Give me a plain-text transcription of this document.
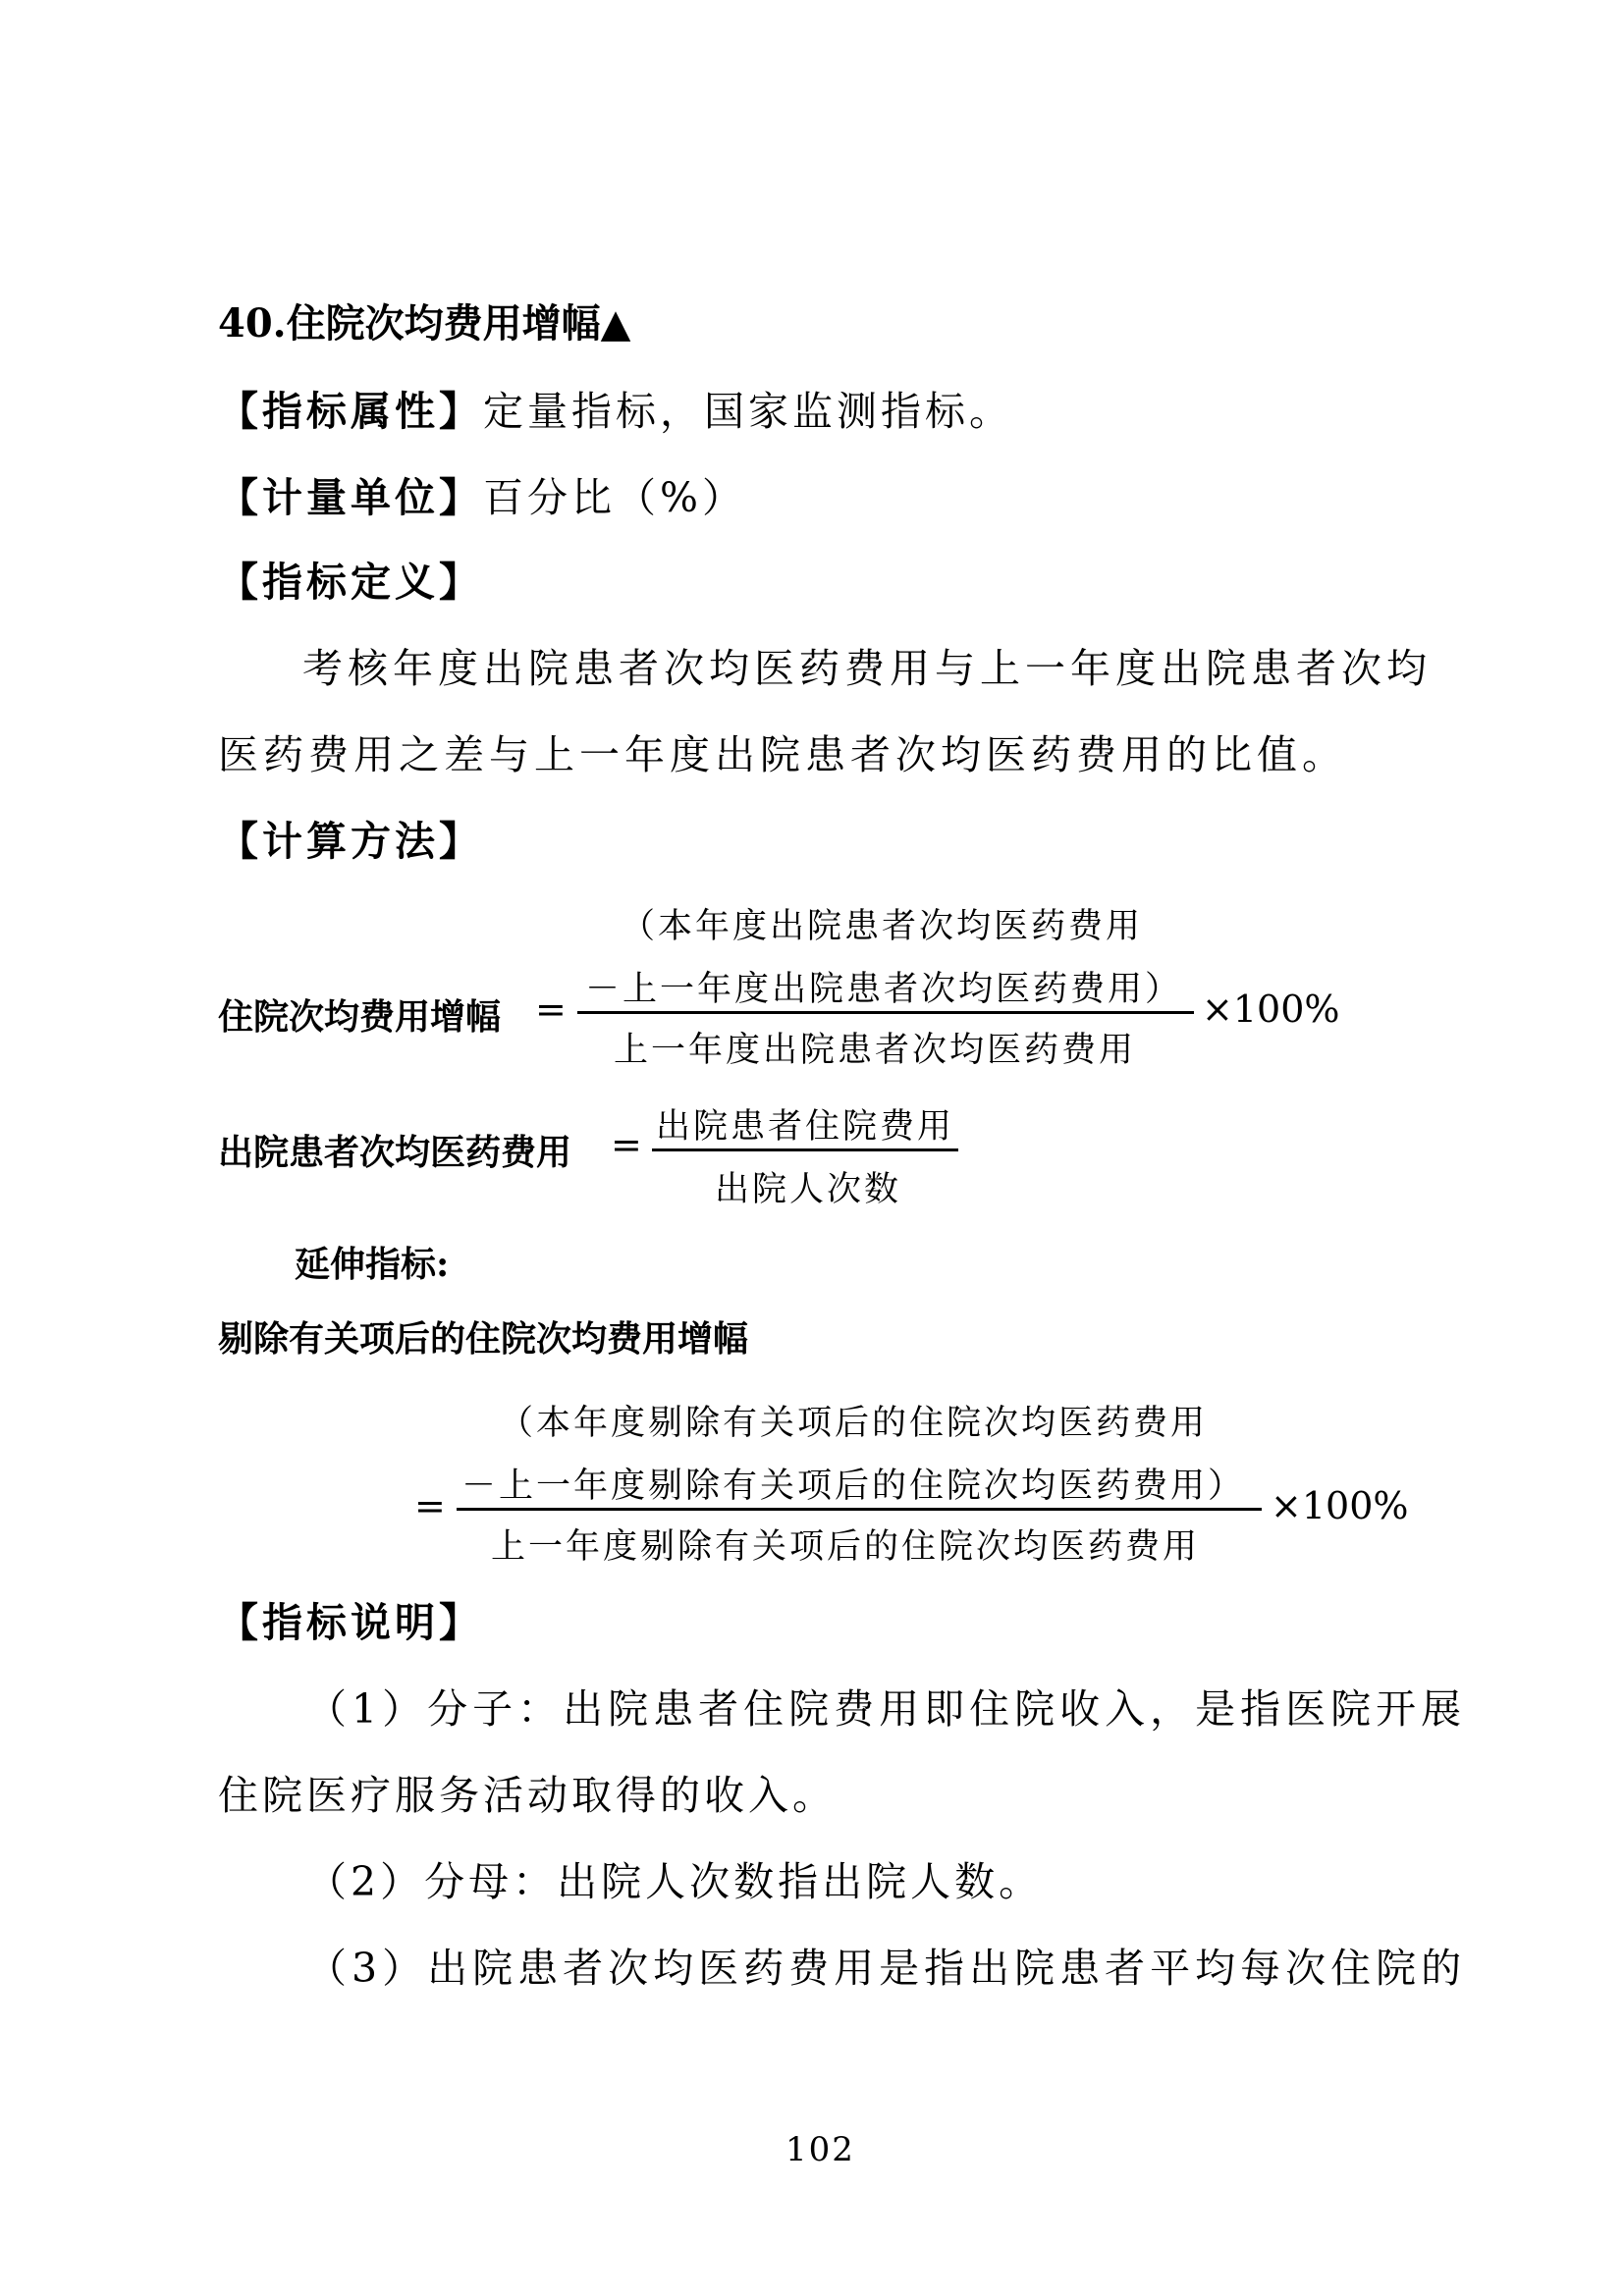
40.住院次均费用增幅▲
【指标属性】定量指标，国家监测指标。
【计量单位】百分比（%）
【指标定义】
考核年度出院患者次均医药费用与上一年度出院患者次均
医药费用之差与上一年度出院患者次均医药费用的比值。
【计算方法】
（本年度出院患者次均医药费用
－上一年度出院患者次均医药费用）
住院次均费用增幅 =	×100%
上一年度出院患者次均医药费用
出院患者住院费用
出院患者次均医药费用 =
出院人次数
延伸指标:
剔除有关项后的住院次均费用增幅
（本年度剔除有关项后的住院次均医药费用
－上一年度剔除有关项后的住院次均医药费用）
=	×100%
上一年度剔除有关项后的住院次均医药费用
【指标说明】
（1）分子：出院患者住院费用即住院收入，是指医院开展
住院医疗服务活动取得的收入。
（2）分母：出院人次数指出院人数。
（3）出院患者次均医药费用是指出院患者平均每次住院的
102
